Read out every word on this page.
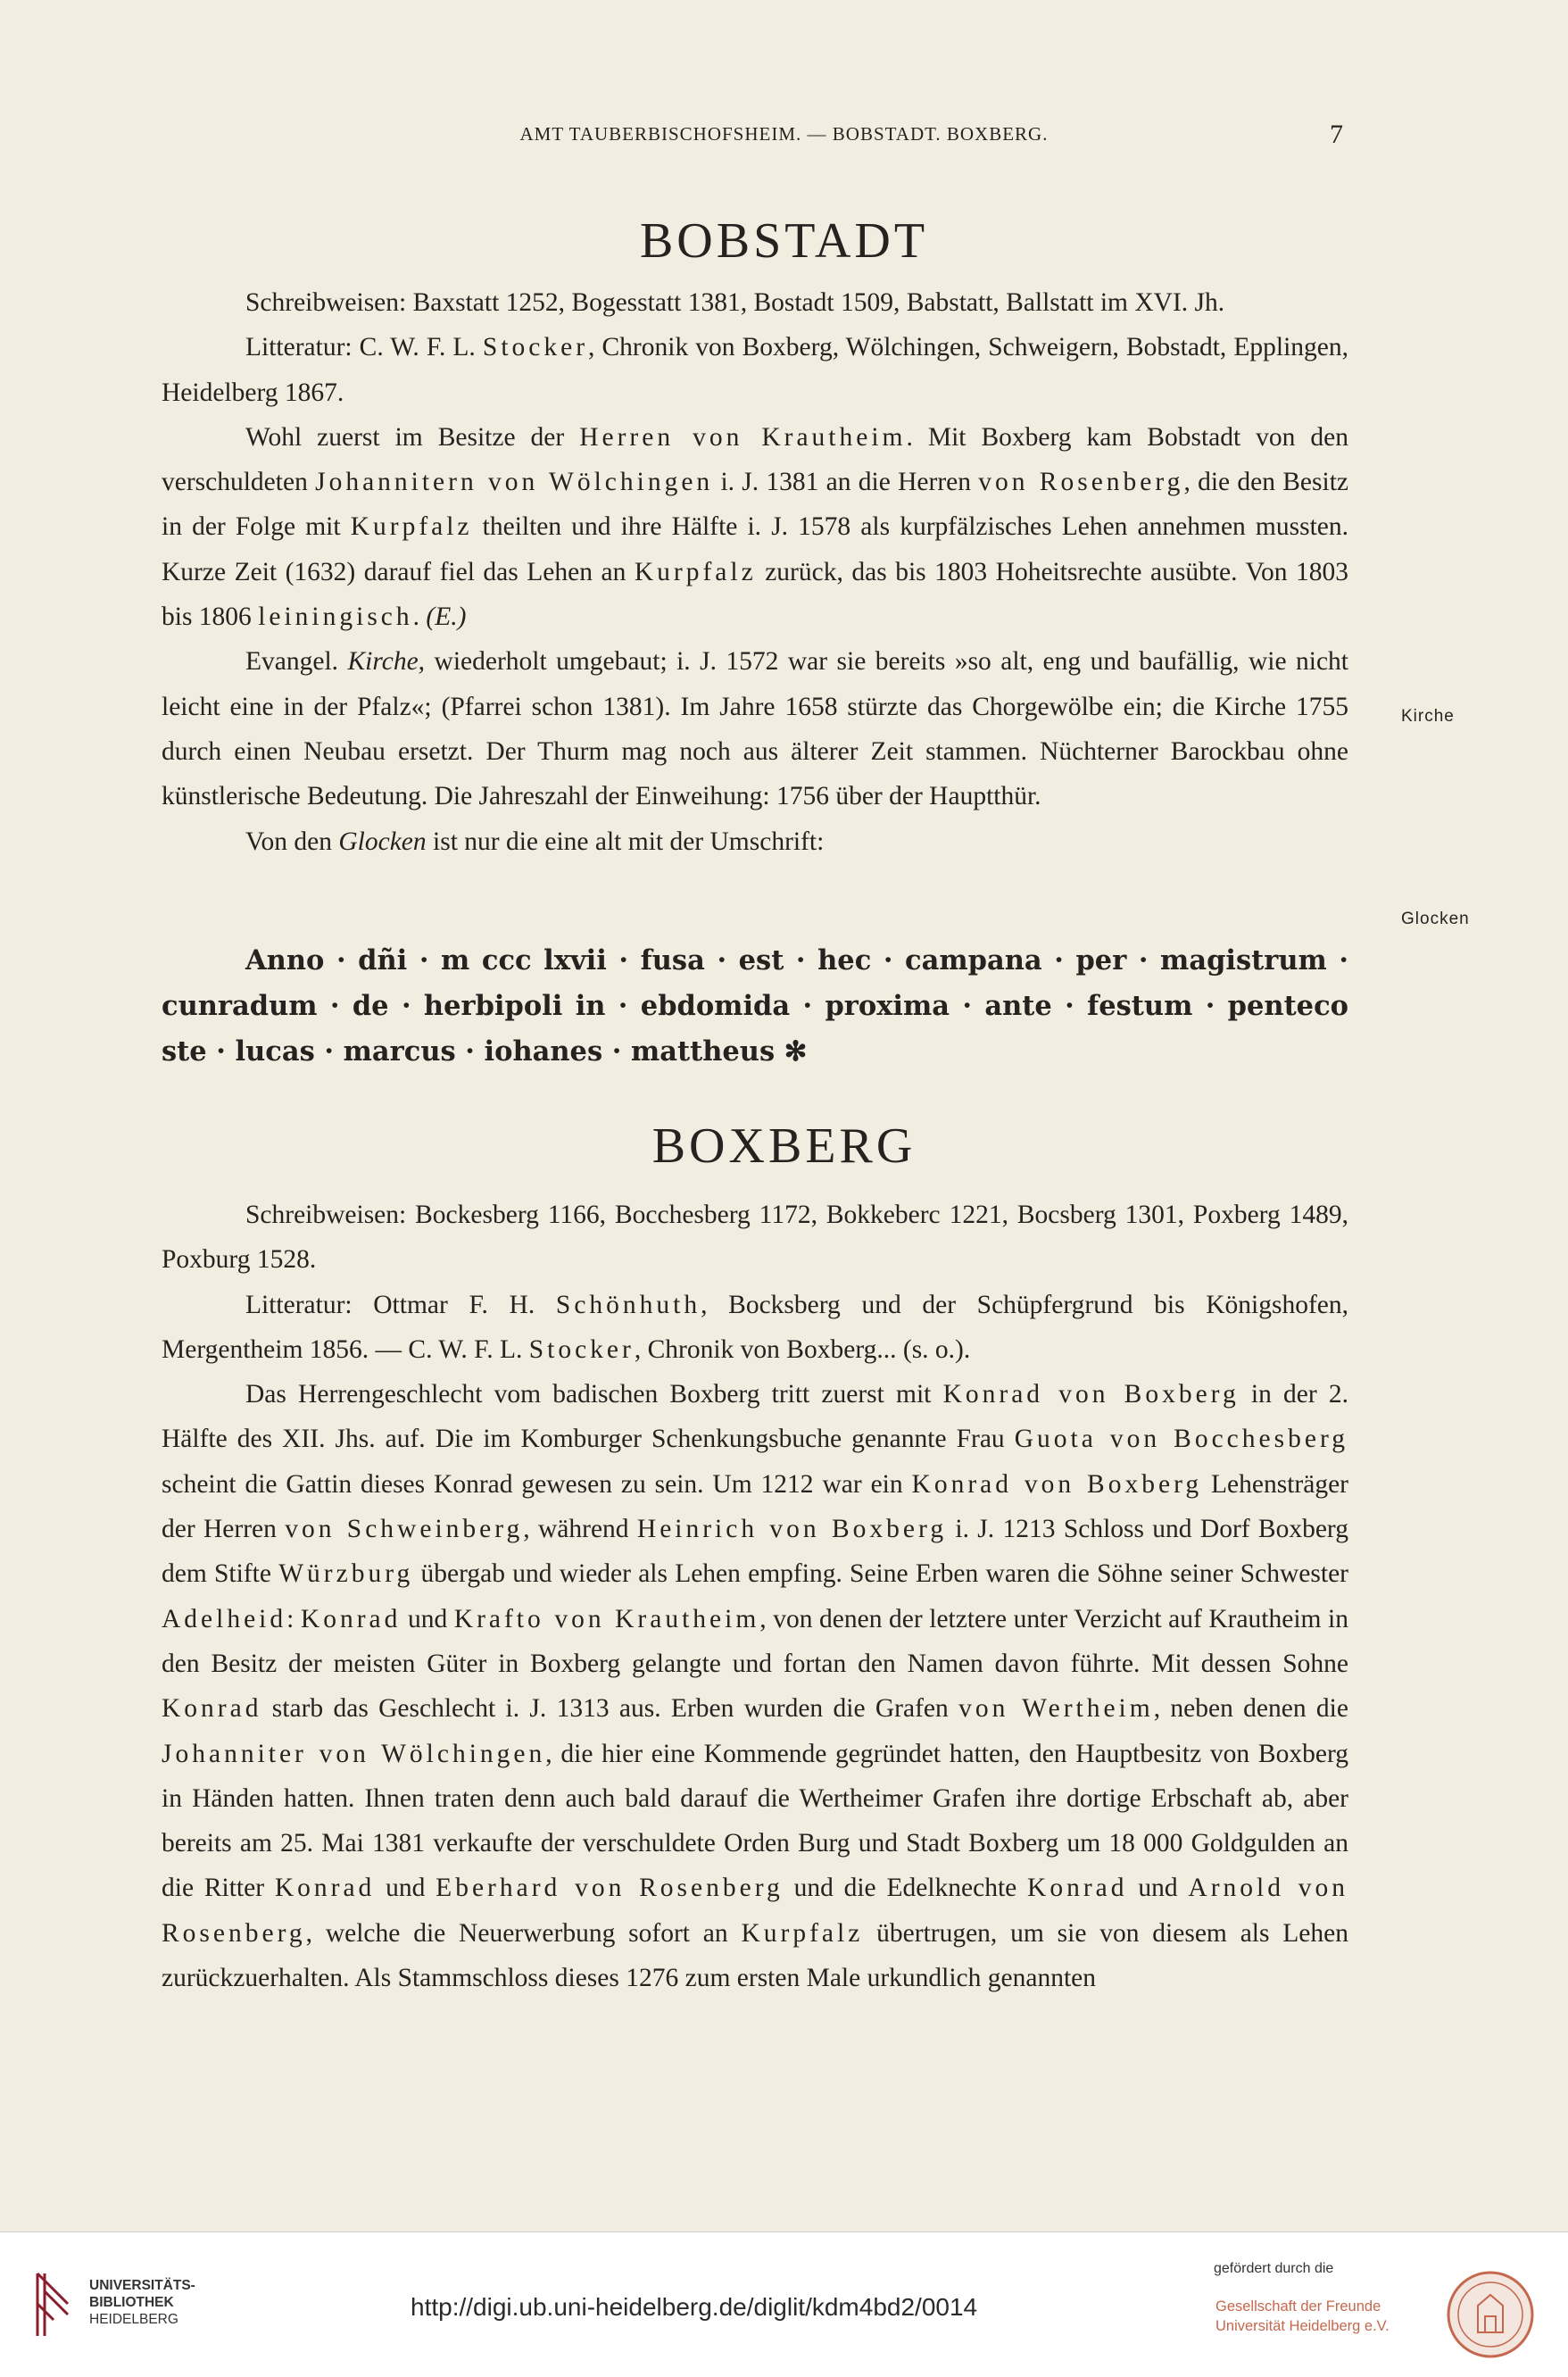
AMT TAUBERBISCHOFSHEIM. — BOBSTADT. BOXBERG.	7
BOBSTADT

Schreibweisen: Baxstatt 1252, Bogesstatt 1381, Bostadt 1509, Babstatt, Ballstatt im XVI. Jh.

Litteratur: C. W. F. L. Stocker, Chronik von Boxberg, Wölchingen, Schweigern, Bobstadt, Epplingen, Heidelberg 1867.

Wohl zuerst im Besitze der Herren von Krautheim. Mit Boxberg kam Bobstadt von den verschuldeten Johannitern von Wölchingen i. J. 1381 an die Herren von Rosenberg, die den Besitz in der Folge mit Kurpfalz theilten und ihre Hälfte i. J. 1578 als kurpfälzisches Lehen annehmen mussten. Kurze Zeit (1632) darauf fiel das Lehen an Kurpfalz zurück, das bis 1803 Hoheitsrechte ausübte. Von 1803 bis 1806 leiningisch. (E.)

Evangel. Kirche, wiederholt umgebaut; i. J. 1572 war sie bereits »so alt, eng und baufällig, wie nicht leicht eine in der Pfalz«; (Pfarrei schon 1381). Im Jahre 1658 stürzte das Chorgewölbe ein; die Kirche 1755 durch einen Neubau ersetzt. Der Thurm mag noch aus älterer Zeit stammen. Nüchterner Barockbau ohne künstlerische Bedeutung. Die Jahreszahl der Einweihung: 1756 über der Hauptthür.

Von den Glocken ist nur die eine alt mit der Umschrift:

Anno · dñi · m ccc lxvii · fusa · est · hec · campana · per · magistrum · cunradum · de · herbipoli in · ebdomida · proxima · ante · festum · penteco ste · lucas · marcus · iohanes · mattheus ✻

Kirche
Glocken
BOXBERG

Schreibweisen: Bockesberg 1166, Bocchesberg 1172, Bokkeberc 1221, Bocsberg 1301, Poxberg 1489, Poxburg 1528.

Litteratur: Ottmar F. H. Schönhuth, Bocksberg und der Schüpfergrund bis Königshofen, Mergentheim 1856. — C. W. F. L. Stocker, Chronik von Boxberg... (s. o.).

Das Herrengeschlecht vom badischen Boxberg tritt zuerst mit Konrad von Boxberg in der 2. Hälfte des XII. Jhs. auf. Die im Komburger Schenkungsbuche genannte Frau Guota von Bocchesberg scheint die Gattin dieses Konrad gewesen zu sein. Um 1212 war ein Konrad von Boxberg Lehensträger der Herren von Schweinberg, während Heinrich von Boxberg i. J. 1213 Schloss und Dorf Boxberg dem Stifte Würzburg übergab und wieder als Lehen empfing. Seine Erben waren die Söhne seiner Schwester Adelheid: Konrad und Krafto von Krautheim, von denen der letztere unter Verzicht auf Krautheim in den Besitz der meisten Güter in Boxberg gelangte und fortan den Namen davon führte. Mit dessen Sohne Konrad starb das Geschlecht i. J. 1313 aus. Erben wurden die Grafen von Wertheim, neben denen die Johanniter von Wölchingen, die hier eine Kommende gegründet hatten, den Hauptbesitz von Boxberg in Händen hatten. Ihnen traten denn auch bald darauf die Wertheimer Grafen ihre dortige Erbschaft ab, aber bereits am 25. Mai 1381 verkaufte der verschuldete Orden Burg und Stadt Boxberg um 18 000 Goldgulden an die Ritter Konrad und Eberhard von Rosenberg und die Edelknechte Konrad und Arnold von Rosenberg, welche die Neuerwerbung sofort an Kurpfalz übertrugen, um sie von diesem als Lehen zurückzuerhalten. Als Stammschloss dieses 1276 zum ersten Male urkundlich genannten

UNIVERSITÄTS-
BIBLIOTHEK
HEIDELBERG	http://digi.ub.uni-heidelberg.de/diglit/kdm4bd2/0014
gefördert durch die
Gesellschaft der Freunde
Universität Heidelberg e.V.
